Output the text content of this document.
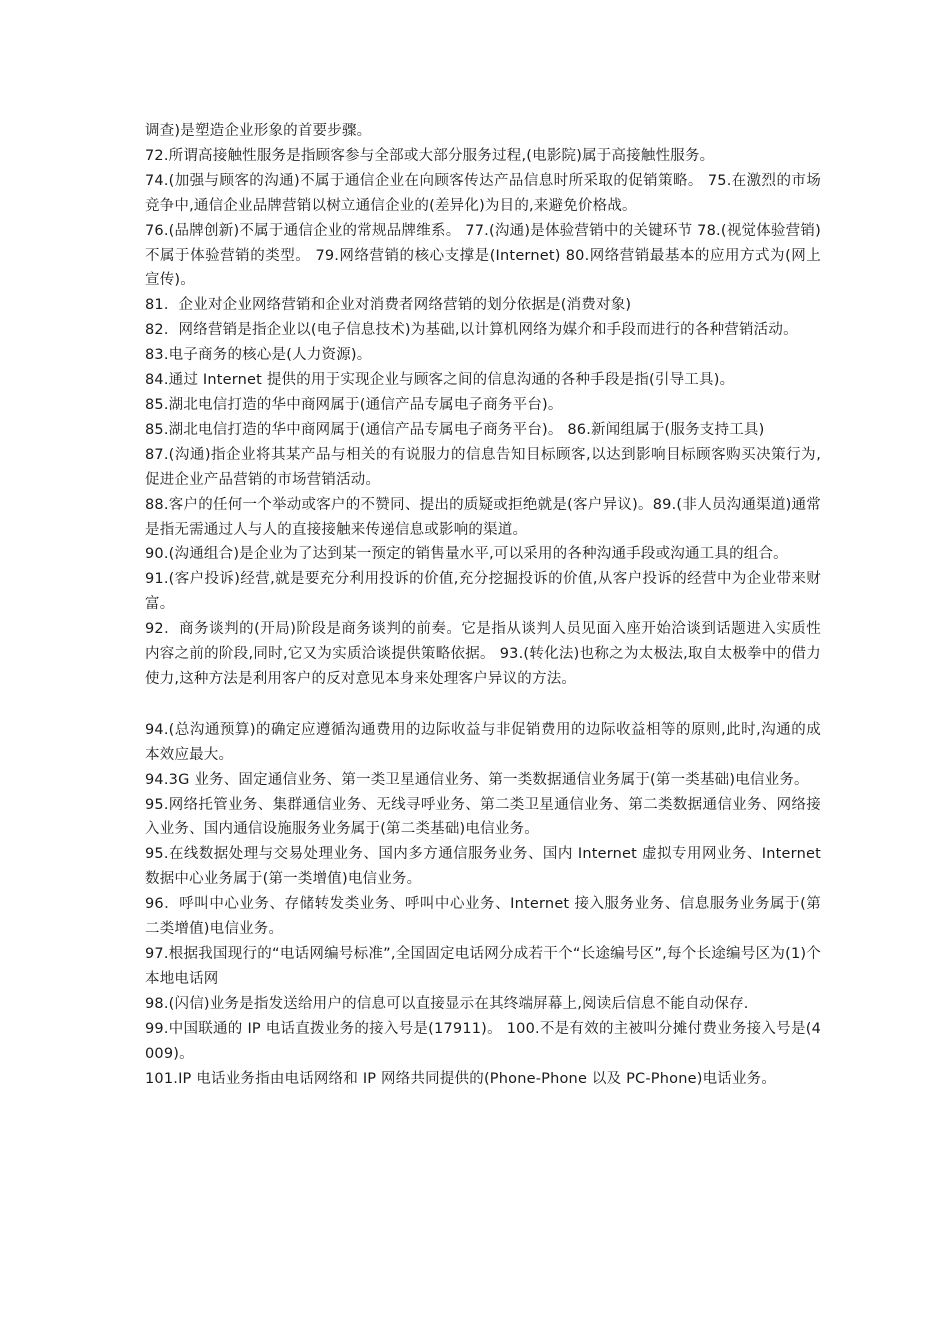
调查)是塑造企业形象的首要步骤。

72.所谓高接触性服务是指顾客参与全部或大部分服务过程,(电影院)属于高接触性服务。

74.(加强与顾客的沟通)不属于通信企业在向顾客传达产品信息时所采取的促销策略。 75.在激烈的市场竞争中,通信企业品牌营销以树立通信企业的(差异化)为目的,来避免价格战。

76.(品牌创新)不属于通信企业的常规品牌维系。 77.(沟通)是体验营销中的关键环节 78.(视觉体验营销)不属于体验营销的类型。 79.网络营销的核心支撑是(Internet) 80.网络营销最基本的应用方式为(网上宣传)。

81．企业对企业网络营销和企业对消费者网络营销的划分依据是(消费对象)

82．网络营销是指企业以(电子信息技术)为基础,以计算机网络为媒介和手段而进行的各种营销活动。

83.电子商务的核心是(人力资源)。

84.通过 Internet 提供的用于实现企业与顾客之间的信息沟通的各种手段是指(引导工具)。

85.湖北电信打造的华中商网属于(通信产品专属电子商务平台)。

85.湖北电信打造的华中商网属于(通信产品专属电子商务平台)。 86.新闻组属于(服务支持工具)

87.(沟通)指企业将其某产品与相关的有说服力的信息告知目标顾客,以达到影响目标顾客购买决策行为,促进企业产品营销的市场营销活动。

88.客户的任何一个举动或客户的不赞同、提出的质疑或拒绝就是(客户异议)。89.(非人员沟通渠道)通常是指无需通过人与人的直接接触来传递信息或影响的渠道。

90.(沟通组合)是企业为了达到某一预定的销售量水平,可以采用的各种沟通手段或沟通工具的组合。

91.(客户投诉)经营,就是要充分利用投诉的价值,充分挖掘投诉的价值,从客户投诉的经营中为企业带来财富。

92．商务谈判的(开局)阶段是商务谈判的前奏。它是指从谈判人员见面入座开始洽谈到话题进入实质性内容之前的阶段,同时,它又为实质洽谈提供策略依据。 93.(转化法)也称之为太极法,取自太极拳中的借力使力,这种方法是利用客户的反对意见本身来处理客户异议的方法。

94.(总沟通预算)的确定应遵循沟通费用的边际收益与非促销费用的边际收益相等的原则,此时,沟通的成本效应最大。

94.3G 业务、固定通信业务、第一类卫星通信业务、第一类数据通信业务属于(第一类基础)电信业务。

95.网络托管业务、集群通信业务、无线寻呼业务、第二类卫星通信业务、第二类数据通信业务、网络接入业务、国内通信设施服务业务属于(第二类基础)电信业务。

95.在线数据处理与交易处理业务、国内多方通信服务业务、国内 Internet 虚拟专用网业务、Internet 数据中心业务属于(第一类增值)电信业务。

96．呼叫中心业务、存储转发类业务、呼叫中心业务、Internet 接入服务业务、信息服务业务属于(第二类增值)电信业务。

97.根据我国现行的“电话网编号标准”,全国固定电话网分成若干个“长途编号区”,每个长途编号区为(1)个本地电话网

98.(闪信)业务是指发送给用户的信息可以直接显示在其终端屏幕上,阅读后信息不能自动保存.

99.中国联通的 IP 电话直拨业务的接入号是(17911)。 100.不是有效的主被叫分摊付费业务接入号是(4009)。

101.IP 电话业务指由电话网络和 IP 网络共同提供的(Phone-Phone 以及 PC-Phone)电话业务。
